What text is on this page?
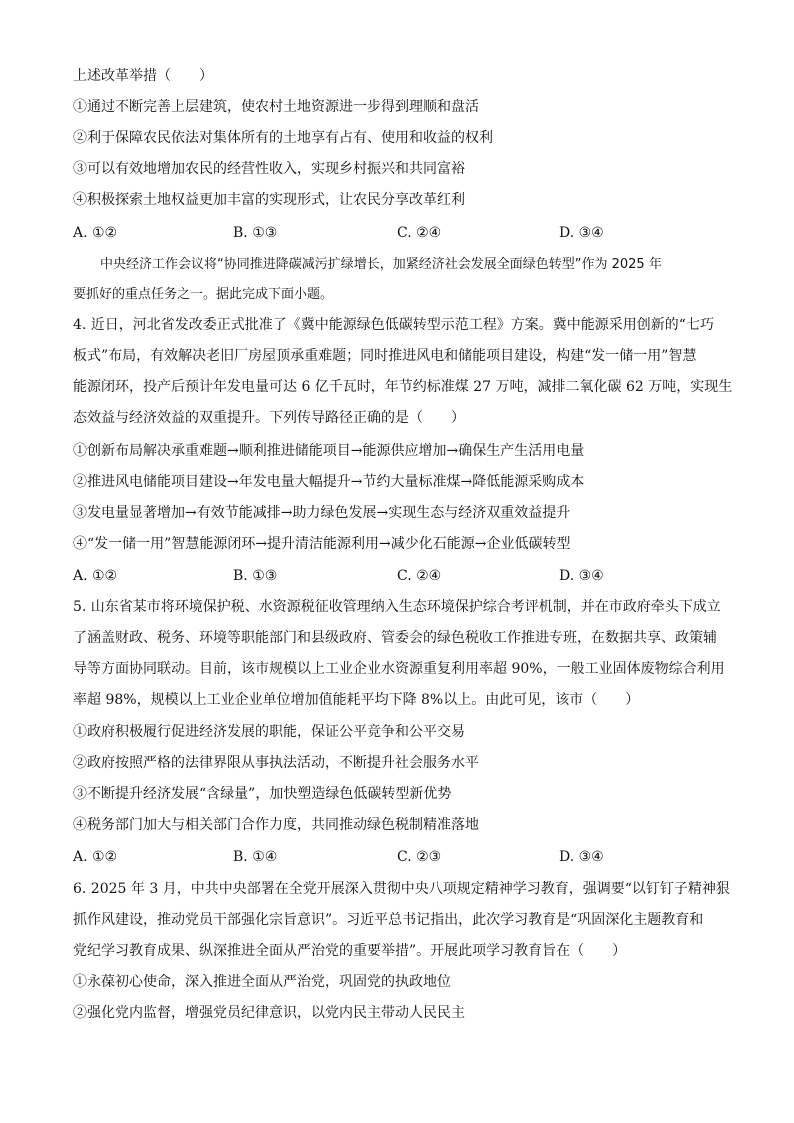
上述改革举措（　　）
①通过不断完善上层建筑，使农村土地资源进一步得到理顺和盘活
②利于保障农民依法对集体所有的土地享有占有、使用和收益的权利
③可以有效地增加农民的经营性收入，实现乡村振兴和共同富裕
④积极探索土地权益更加丰富的实现形式，让农民分享改革红利
A. ①②	B. ①③	C. ②④	D. ③④
中央经济工作会议将“协同推进降碳减污扩绿增长，加紧经济社会发展全面绿色转型”作为 2025 年
要抓好的重点任务之一。据此完成下面小题。
4. 近日，河北省发改委正式批准了《冀中能源绿色低碳转型示范工程》方案。冀中能源采用创新的“七巧
板式”布局，有效解决老旧厂房屋顶承重难题；同时推进风电和储能项目建设，构建“发一储一用”智慧
能源闭环，投产后预计年发电量可达 6 亿千瓦时，年节约标准煤 27 万吨，减排二氧化碳 62 万吨，实现生
态效益与经济效益的双重提升。下列传导路径正确的是（　　）
①创新布局解决承重难题→顺利推进储能项目→能源供应增加→确保生产生活用电量
②推进风电储能项目建设→年发电量大幅提升→节约大量标准煤→降低能源采购成本
③发电量显著增加→有效节能减排→助力绿色发展→实现生态与经济双重效益提升
④“发一储一用”智慧能源闭环→提升清洁能源利用→减少化石能源→企业低碳转型
A. ①②	B. ①③	C. ②④	D. ③④
5. 山东省某市将环境保护税、水资源税征收管理纳入生态环境保护综合考评机制，并在市政府牵头下成立
了涵盖财政、税务、环境等职能部门和县级政府、管委会的绿色税收工作推进专班，在数据共享、政策辅
导等方面协同联动。目前，该市规模以上工业企业水资源重复利用率超 90%，一般工业固体废物综合利用
率超 98%，规模以上工业企业单位增加值能耗平均下降 8%以上。由此可见，该市（　　）
①政府积极履行促进经济发展的职能，保证公平竞争和公平交易
②政府按照严格的法律界限从事执法活动，不断提升社会服务水平
③不断提升经济发展“含绿量”，加快塑造绿色低碳转型新优势
④税务部门加大与相关部门合作力度，共同推动绿色税制精准落地
A. ①②	B. ①④	C. ②③	D. ③④
6. 2025 年 3 月，中共中央部署在全党开展深入贯彻中央八项规定精神学习教育，强调要“以钉钉子精神狠
抓作风建设，推动党员干部强化宗旨意识”。习近平总书记指出，此次学习教育是“巩固深化主题教育和
党纪学习教育成果、纵深推进全面从严治党的重要举措”。开展此项学习教育旨在（　　）
①永葆初心使命，深入推进全面从严治党，巩固党的执政地位
②强化党内监督，增强党员纪律意识，以党内民主带动人民民主
